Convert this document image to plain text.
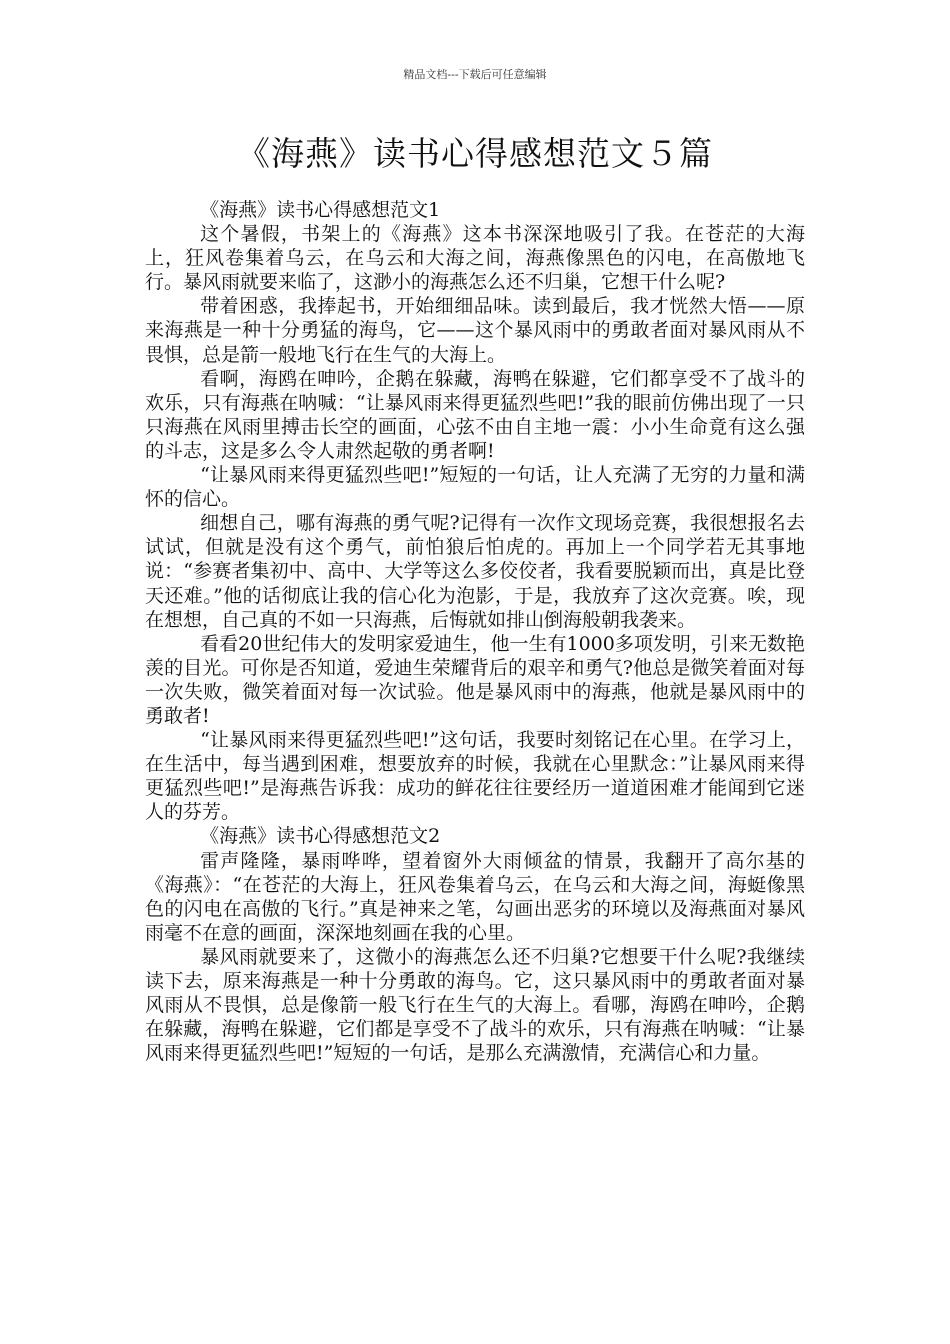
精品文档---下载后可任意编辑
《海燕》读书心得感想范文５篇

《海燕》读书心得感想范文1

这个暑假，书架上的《海燕》这本书深深地吸引了我。在苍茫的大海上，狂风卷集着乌云，在乌云和大海之间，海燕像黑色的闪电，在高傲地飞行。暴风雨就要来临了，这渺小的海燕怎么还不归巢，它想干什么呢?

带着困惑，我捧起书，开始细细品味。读到最后，我才恍然大悟——原来海燕是一种十分勇猛的海鸟，它——这个暴风雨中的勇敢者面对暴风雨从不畏惧，总是箭一般地飞行在生气的大海上。

看啊，海鸥在呻吟，企鹅在躲藏，海鸭在躲避，它们都享受不了战斗的欢乐，只有海燕在呐喊：“让暴风雨来得更猛烈些吧!”我的眼前仿佛出现了一只只海燕在风雨里搏击长空的画面，心弦不由自主地一震：小小生命竟有这么强的斗志，这是多么令人肃然起敬的勇者啊!

“让暴风雨来得更猛烈些吧!”短短的一句话，让人充满了无穷的力量和满怀的信心。

细想自己，哪有海燕的勇气呢?记得有一次作文现场竞赛，我很想报名去试试，但就是没有这个勇气，前怕狼后怕虎的。再加上一个同学若无其事地说：“参赛者集初中、高中、大学等这么多佼佼者，我看要脱颖而出，真是比登天还难。”他的话彻底让我的信心化为泡影，于是，我放弃了这次竞赛。唉，现在想想，自己真的不如一只海燕，后悔就如排山倒海般朝我袭来。

看看20世纪伟大的发明家爱迪生，他一生有1000多项发明，引来无数艳羡的目光。可你是否知道，爱迪生荣耀背后的艰辛和勇气?他总是微笑着面对每一次失败，微笑着面对每一次试验。他是暴风雨中的海燕，他就是暴风雨中的勇敢者!

“让暴风雨来得更猛烈些吧!”这句话，我要时刻铭记在心里。在学习上，在生活中，每当遇到困难，想要放弃的时候，我就在心里默念：”让暴风雨来得更猛烈些吧!”是海燕告诉我：成功的鲜花往往要经历一道道困难才能闻到它迷人的芬芳。

《海燕》读书心得感想范文2

雷声隆隆，暴雨哗哗，望着窗外大雨倾盆的情景，我翻开了高尔基的《海燕》：“在苍茫的大海上，狂风卷集着乌云，在乌云和大海之间，海蜓像黑色的闪电在高傲的飞行。”真是神来之笔，勾画出恶劣的环境以及海燕面对暴风雨毫不在意的画面，深深地刻画在我的心里。

暴风雨就要来了，这微小的海燕怎么还不归巢?它想要干什么呢?我继续读下去，原来海燕是一种十分勇敢的海鸟。它，这只暴风雨中的勇敢者面对暴风雨从不畏惧，总是像箭一般飞行在生气的大海上。看哪，海鸥在呻吟，企鹅在躲藏，海鸭在躲避，它们都是享受不了战斗的欢乐，只有海燕在呐喊：“让暴风雨来得更猛烈些吧!”短短的一句话，是那么充满激情，充满信心和力量。
